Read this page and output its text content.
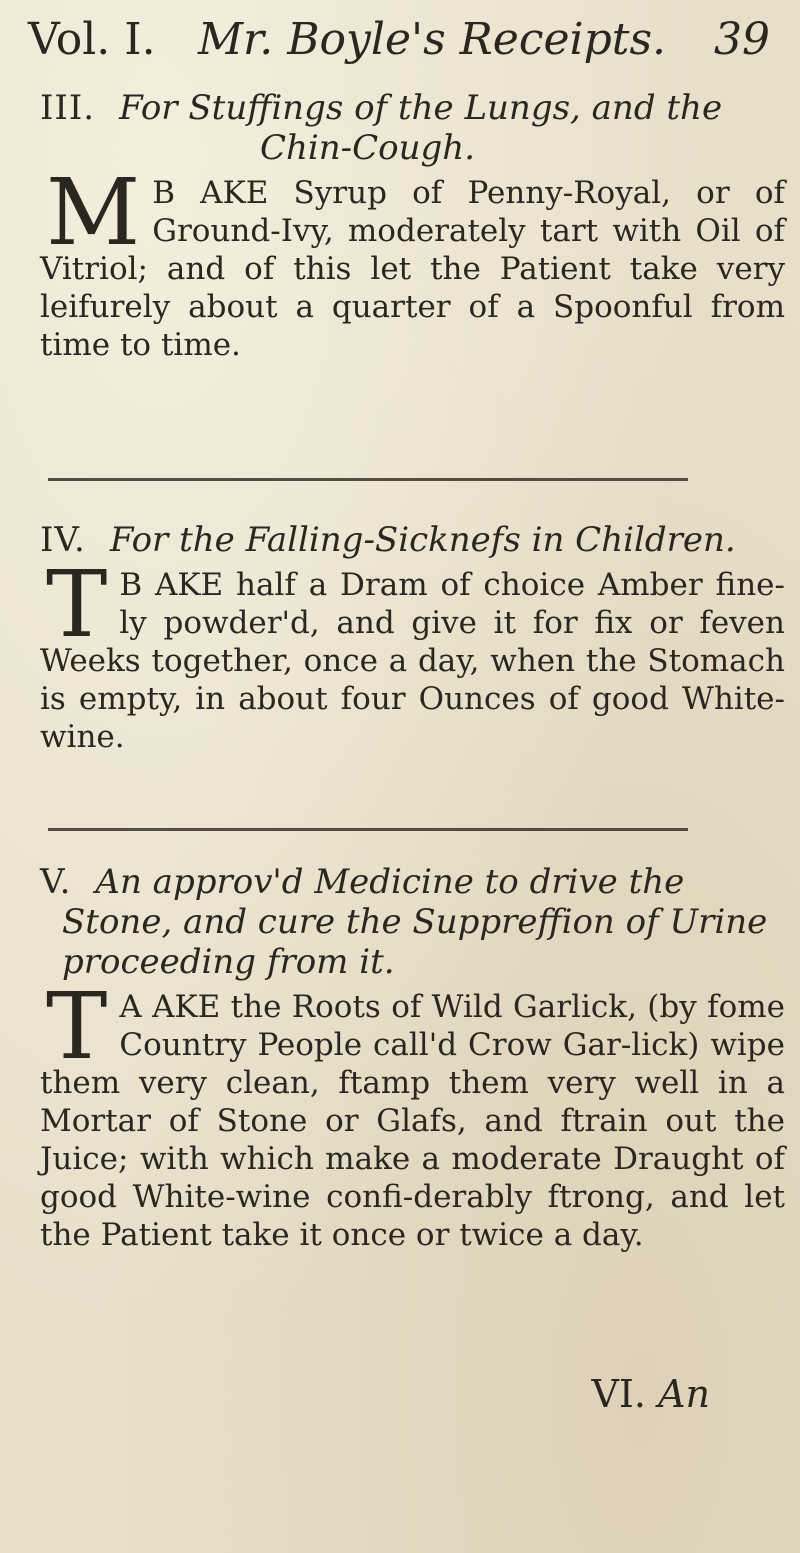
Vol. I. Mr. Boyle's Receipts. 39

III. For Stuffings of the Lungs, and the

Chin-Cough.

M B AKE Syrup of Penny-Royal, or of Ground-Ivy, moderately tart with Oil of Vitriol; and of this let the Patient take very leifurely about a quarter of a Spoonful from time to time.

IV. For the Falling-Sicknefs in Children.

T B AKE half a Dram of choice Amber fine-ly powder'd, and give it for fix or feven Weeks together, once a day, when the Stomach is empty, in about four Ounces of good White-wine.

V. An approv'd Medicine to drive the

Stone, and cure the Suppreffion of Urine proceeding from it.

T A AKE the Roots of Wild Garlick, (by fome Country People call'd Crow Gar-lick) wipe them very clean, ftamp them very well in a Mortar of Stone or Glafs, and ftrain out the Juice; with which make a moderate Draught of good White-wine confi-derably ftrong, and let the Patient take it once or twice a day.
VI. An
